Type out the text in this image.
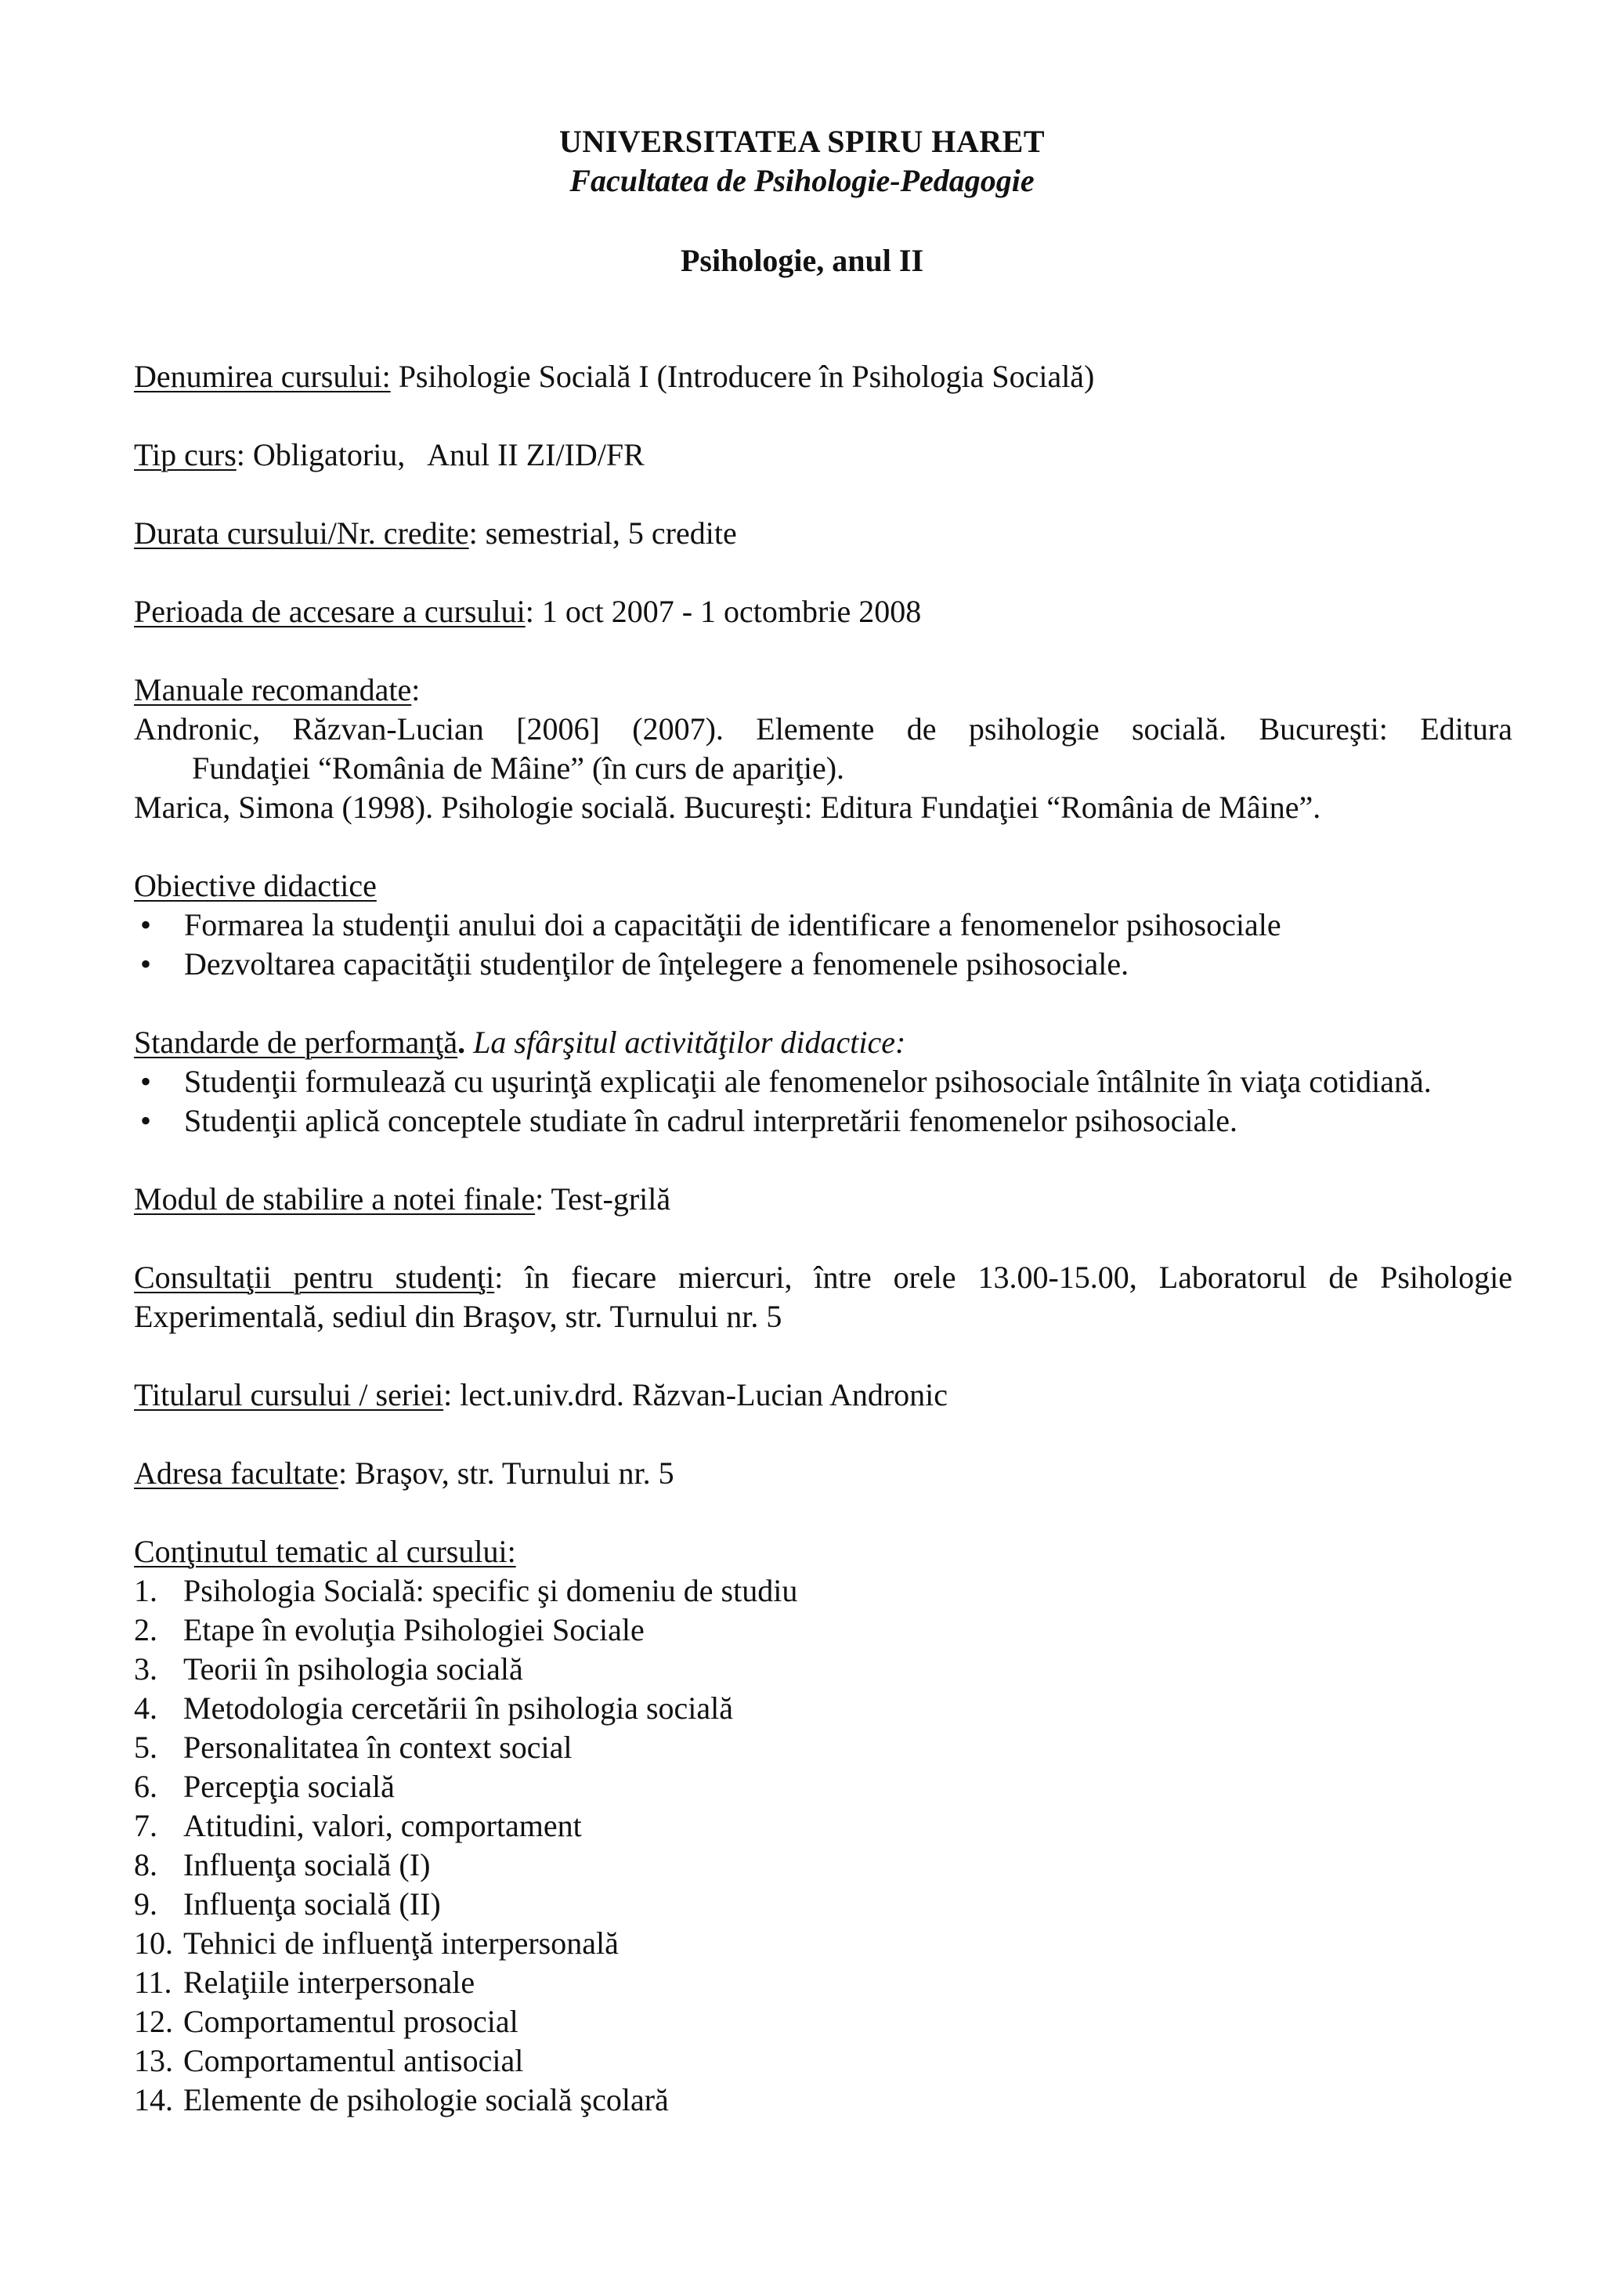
UNIVERSITATEA SPIRU HARET
Facultatea de Psihologie-Pedagogie
Psihologie, anul II

Denumirea cursului: Psihologie Socială I (Introducere în Psihologia Socială)

Tip curs: Obligatoriu,   Anul II ZI/ID/FR

Durata cursului/Nr. credite: semestrial, 5 credite

Perioada de accesare a cursului: 1 oct 2007 - 1 octombrie 2008

Manuale recomandate:
Andronic, Răzvan-Lucian [2006] (2007). Elemente de psihologie socială. Bucureşti: Editura
Fundaţiei “România de Mâine” (în curs de apariţie).
Marica, Simona (1998). Psihologie socială. Bucureşti: Editura Fundaţiei “România de Mâine”.
Obiective didactice
• Formarea la studenţii anului doi a capacităţii de identificare a fenomenelor psihosociale
• Dezvoltarea capacităţii studenţilor de înţelegere a fenomenele psihosociale.
Standarde de performanţă. La sfârşitul activităţilor didactice:
• Studenţii formulează cu uşurinţă explicaţii ale fenomenelor psihosociale întâlnite în viaţa cotidiană.
• Studenţii aplică conceptele studiate în cadrul interpretării fenomenelor psihosociale.

Modul de stabilire a notei finale: Test-grilă

Consultaţii pentru studenţi: în fiecare miercuri, între orele 13.00-15.00, Laboratorul de Psihologie Experimentală, sediul din Braşov, str. Turnului nr. 5

Titularul cursului / seriei: lect.univ.drd. Răzvan-Lucian Andronic

Adresa facultate: Braşov, str. Turnului nr. 5

Conţinutul tematic al cursului:
1. Psihologia Socială: specific şi domeniu de studiu
2. Etape în evoluţia Psihologiei Sociale
3. Teorii în psihologia socială
4. Metodologia cercetării în psihologia socială
5. Personalitatea în context social
6. Percepţia socială
7. Atitudini, valori, comportament
8. Influenţa socială (I)
9. Influenţa socială (II)
10. Tehnici de influenţă interpersonală
11. Relaţiile interpersonale
12. Comportamentul prosocial
13. Comportamentul antisocial
14. Elemente de psihologie socială şcolară
